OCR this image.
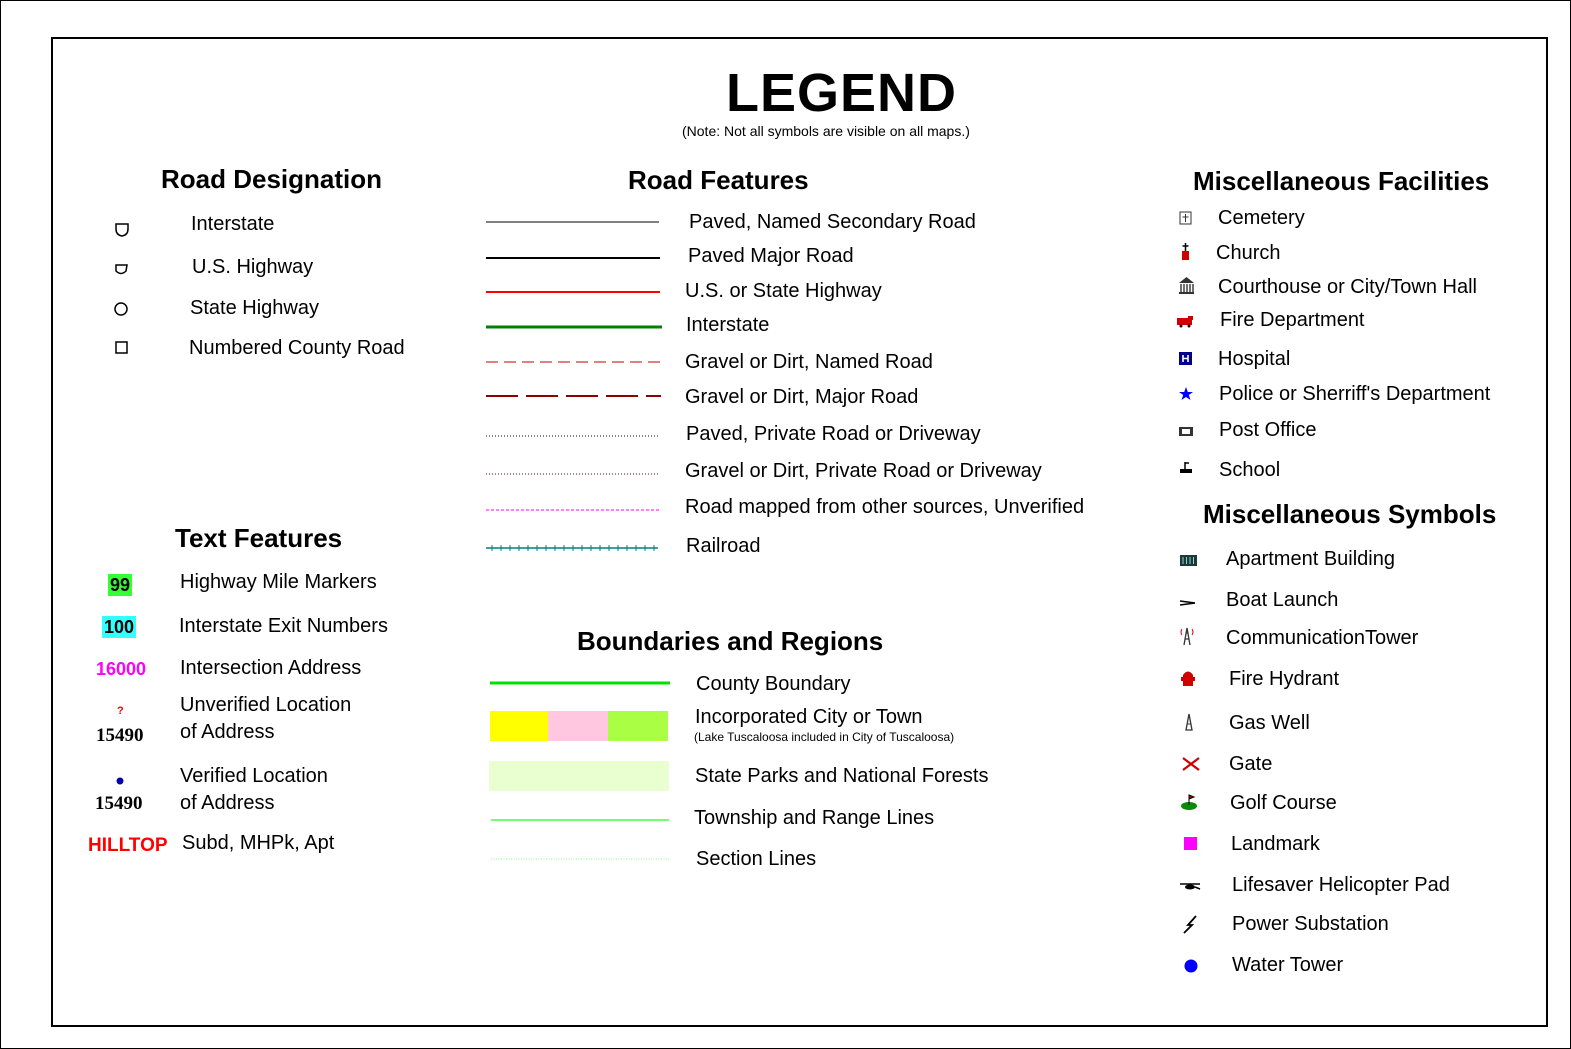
LEGEND
(Note: Not all symbols are visible on all maps.)
Road Designation
Interstate
U.S. Highway
State Highway
Numbered County Road
Road Features
Paved, Named Secondary Road
Paved Major Road
U.S. or State Highway
Interstate
Gravel or Dirt, Named Road
Gravel or Dirt, Major Road
Paved, Private Road or Driveway
Gravel or Dirt, Private Road or Driveway
Road mapped from other sources, Unverified
Railroad
Text Features
99 Highway Mile Markers
100 Interstate Exit Numbers
16000 Intersection Address
?
15490
Unverified Location
of Address
15490
Verified Location
of Address
HILLTOP Subd, MHPk, Apt
Boundaries and Regions
County Boundary
Incorporated City or Town
(Lake Tuscaloosa included in City of Tuscaloosa)
State Parks and National Forests
Township and Range Lines
Section Lines
Miscellaneous Facilities
Cemetery
Church
Courthouse or City/Town Hall
Fire Department
Hospital
Police or Sherriff's Department
Post Office
School
Miscellaneous Symbols
Apartment Building
Boat Launch
CommunicationTower
Fire Hydrant
Gas Well
Gate
Golf Course
Landmark
Lifesaver Helicopter Pad
Power Substation
Water Tower
